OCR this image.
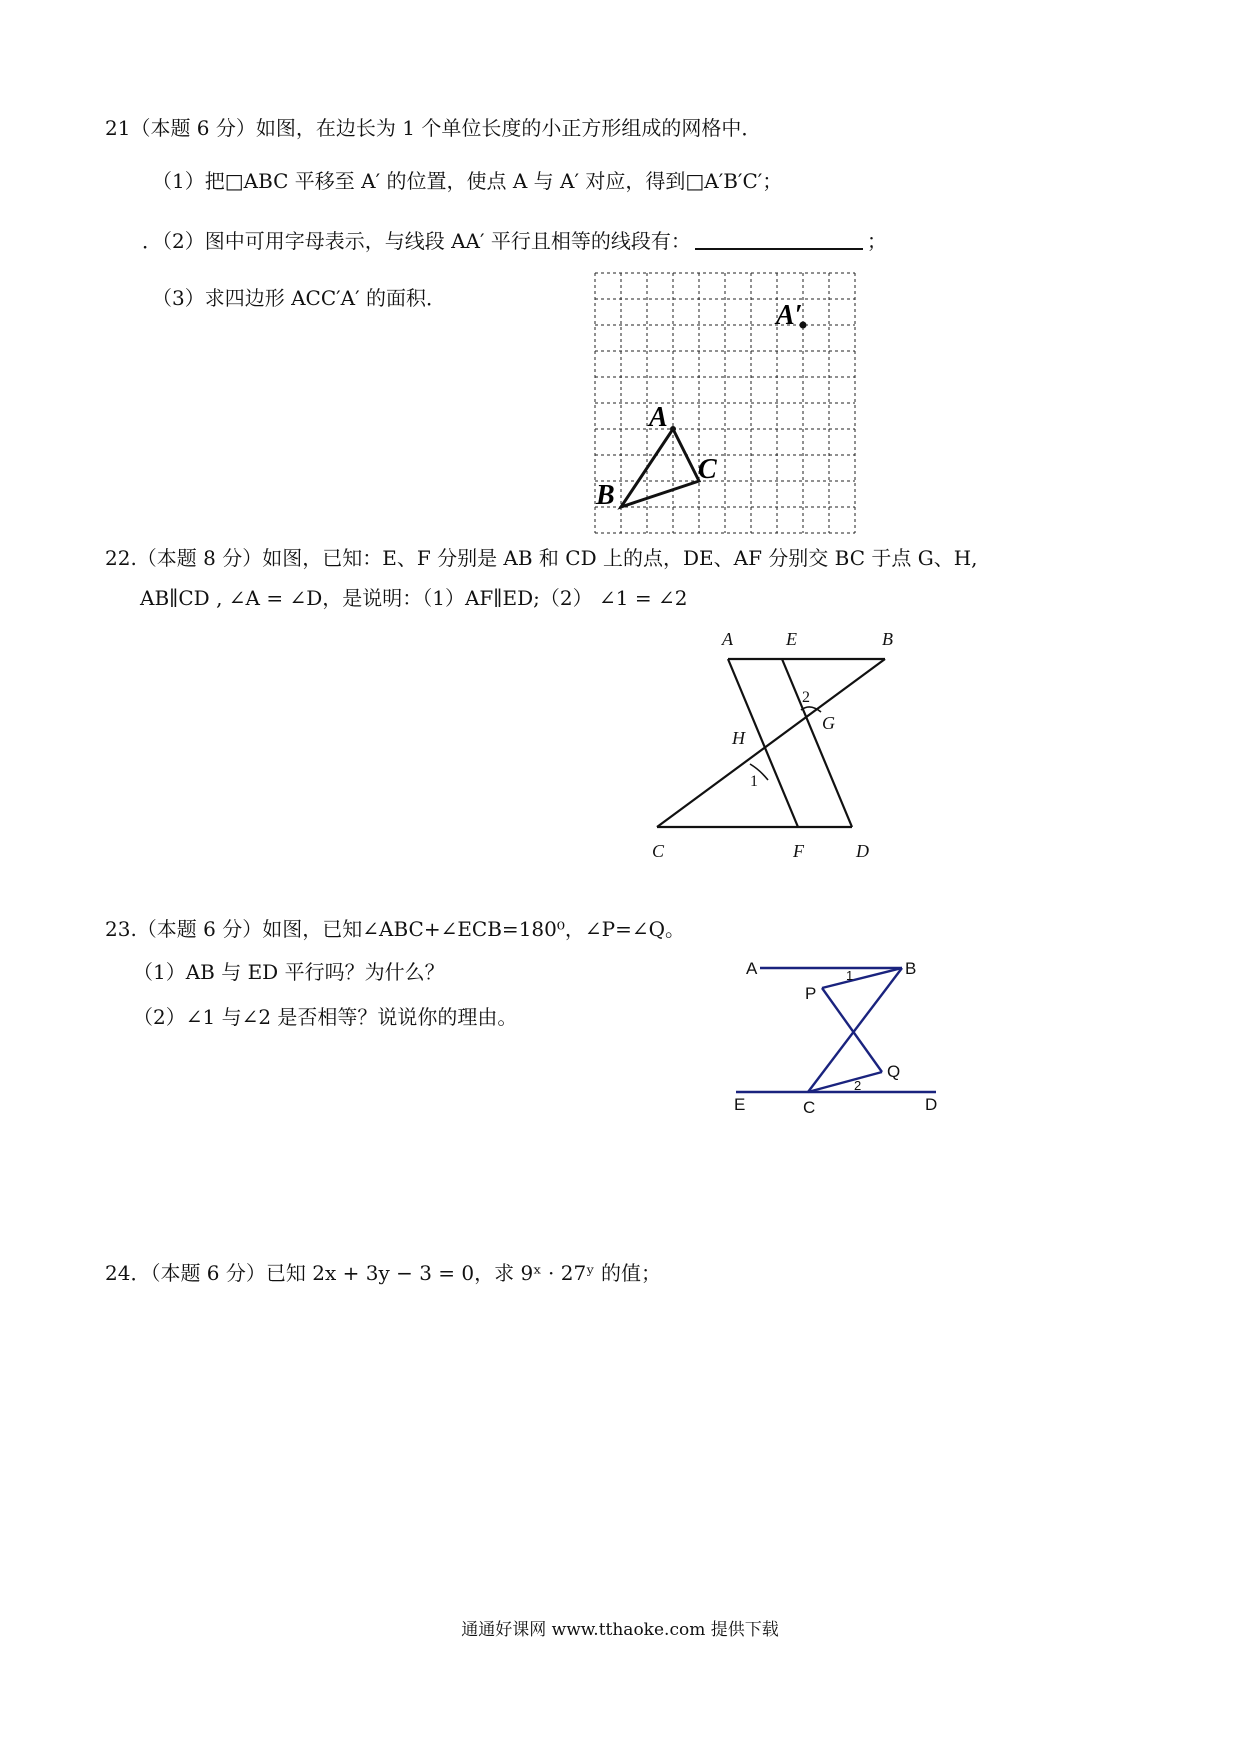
21（本题 6 分）如图，在边长为 1 个单位长度的小正方形组成的网格中．
（1）把□ABC 平移至 A′ 的位置，使点 A 与 A′ 对应，得到□A′B′C′；
．（2）图中可用字母表示，与线段 AA′ 平行且相等的线段有：	；
（3）求四边形 ACC′A′ 的面积．
A
C
B
A′
22.（本题 8 分）如图，已知：E、F 分别是 AB 和 CD 上的点，DE、AF 分别交 BC 于点 G、H,
AB∥CD , ∠A = ∠D，是说明：（1）AF∥ED;（2） ∠1 = ∠2
A	E	B
H
G
C	F	D
1
2
23.（本题 6 分）如图，已知∠ABC+∠ECB=180⁰，∠P=∠Q。
（1）AB 与 ED 平行吗？为什么？
（2）∠1 与∠2 是否相等？说说你的理由。
A	B
P
Q
E	C	D
1
2
24．（本题 6 分）已知 2x + 3y − 3 = 0，求 9ˣ · 27ʸ 的值；
通通好课网 www.tthaoke.com 提供下载
